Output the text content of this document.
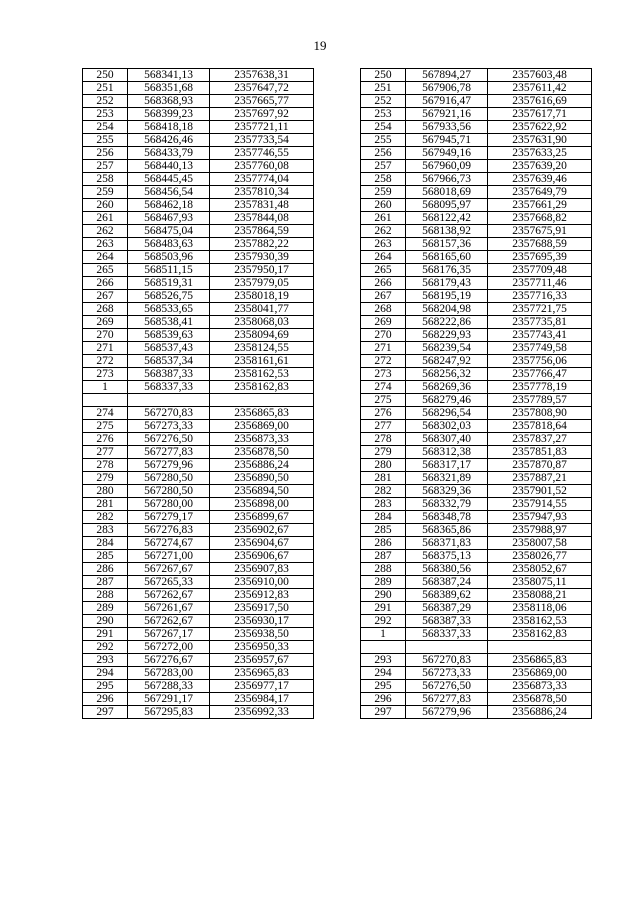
19
250	568341,13	2357638,31		250	567894,27	2357603,48
251	568351,68	2357647,72		251	567906,78	2357611,42
252	568368,93	2357665,77		252	567916,47	2357616,69
253	568399,23	2357697,92		253	567921,16	2357617,71
254	568418,18	2357721,11		254	567933,56	2357622,92
255	568426,46	2357733,54		255	567945,71	2357631,90
256	568433,79	2357746,55		256	567949,16	2357633,25
257	568440,13	2357760,08		257	567960,09	2357639,20
258	568445,45	2357774,04		258	567966,73	2357639,46
259	568456,54	2357810,34		259	568018,69	2357649,79
260	568462,18	2357831,48		260	568095,97	2357661,29
261	568467,93	2357844,08		261	568122,42	2357668,82
262	568475,04	2357864,59		262	568138,92	2357675,91
263	568483,63	2357882,22		263	568157,36	2357688,59
264	568503,96	2357930,39		264	568165,60	2357695,39
265	568511,15	2357950,17		265	568176,35	2357709,48
266	568519,31	2357979,05		266	568179,43	2357711,46
267	568526,75	2358018,19		267	568195,19	2357716,33
268	568533,65	2358041,77		268	568204,98	2357721,75
269	568538,41	2358068,03		269	568222,86	2357735,81
270	568539,63	2358094,69		270	568229,93	2357743,41
271	568537,43	2358124,55		271	568239,54	2357749,58
272	568537,34	2358161,61		272	568247,92	2357756,06
273	568387,33	2358162,53		273	568256,32	2357766,47
1	568337,33	2358162,83		274	568269,36	2357778,19
				275	568279,46	2357789,57
274	567270,83	2356865,83		276	568296,54	2357808,90
275	567273,33	2356869,00		277	568302,03	2357818,64
276	567276,50	2356873,33		278	568307,40	2357837,27
277	567277,83	2356878,50		279	568312,38	2357851,83
278	567279,96	2356886,24		280	568317,17	2357870,87
279	567280,50	2356890,50		281	568321,89	2357887,21
280	567280,50	2356894,50		282	568329,36	2357901,52
281	567280,00	2356898,00		283	568332,79	2357914,55
282	567279,17	2356899,67		284	568348,78	2357947,93
283	567276,83	2356902,67		285	568365,86	2357988,97
284	567274,67	2356904,67		286	568371,83	2358007,58
285	567271,00	2356906,67		287	568375,13	2358026,77
286	567267,67	2356907,83		288	568380,56	2358052,67
287	567265,33	2356910,00		289	568387,24	2358075,11
288	567262,67	2356912,83		290	568389,62	2358088,21
289	567261,67	2356917,50		291	568387,29	2358118,06
290	567262,67	2356930,17		292	568387,33	2358162,53
291	567267,17	2356938,50		1	568337,33	2358162,83
292	567272,00	2356950,33				
293	567276,67	2356957,67		293	567270,83	2356865,83
294	567283,00	2356965,83		294	567273,33	2356869,00
295	567288,33	2356977,17		295	567276,50	2356873,33
296	567291,17	2356984,17		296	567277,83	2356878,50
297	567295,83	2356992,33		297	567279,96	2356886,24
